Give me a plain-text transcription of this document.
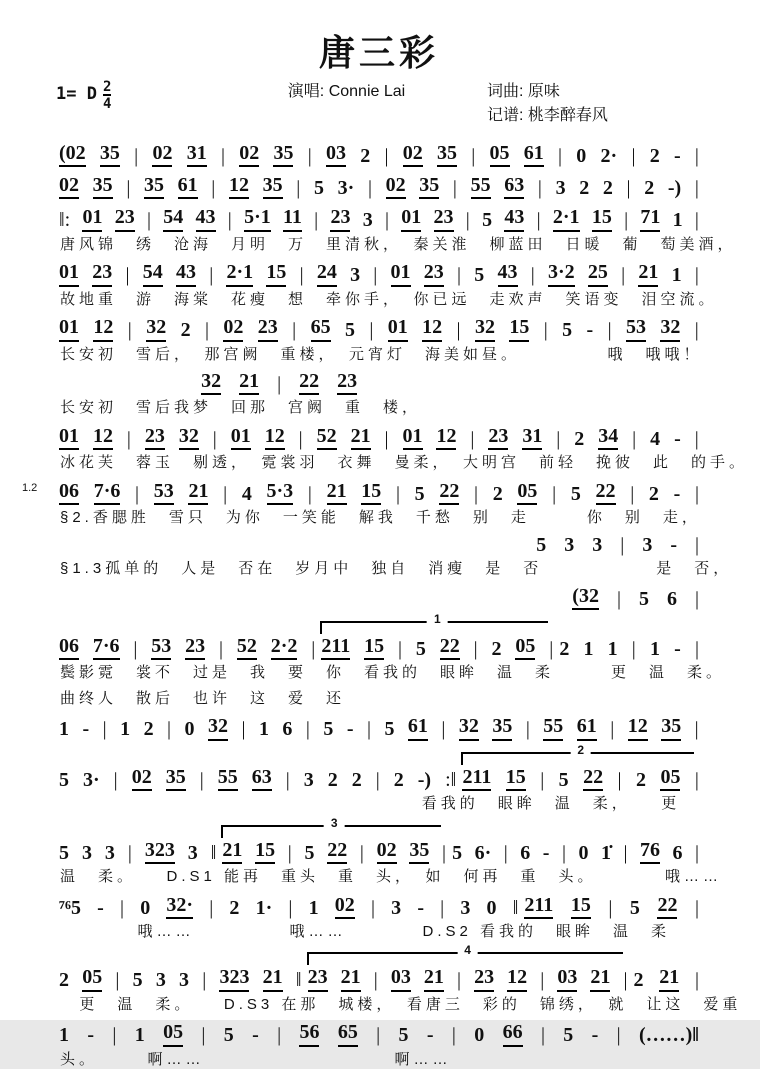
唐三彩
1= D $\frac{2}{4}$	演唱: Connie Lai	词曲: 原味
记谱: 桃李醉春风
(02 35 | 02 31 | 02 35 | 03 2 | 02 35 | 05 61 | 0 2· | 2 - |
02 35 | 35 61 | 12 35 | 5 3· | 02 35 | 55 63 | 3 2 2 | 2 -) |
‖: 01 23 | 54 43 | 5·1 11 | 23 3 | 01 23 | 5 43 | 2·1 15 | 71 1 |
唐风锦　绣　沧海　月明　万　里清秋，　秦关淮　柳蓝田　日暖　葡　萄美酒，
01 23 | 54 43 | 2·1 15 | 24 3 | 01 23 | 5 43 | 3·2 25 | 21 1 |
故地重　游　海棠　花瘦　想　牵你手，　你已远　走欢声　笑语变　泪空流。
01 12 | 32 2 | 02 23 | 65 5 | 01 12 | 32 15 | 5 - | 53 32 |
长安初　雪后，　那宫阙　重楼，　元宵灯　海美如昼。　　　　　哦　哦哦！
32 21 | 22 23
长安初　雪后我梦　回那　宫阙　重　楼，
01 12 | 23 32 | 01 12 | 52 21 | 01 12 | 23 31 | 2 34 | 4 - |
冰花芙　蓉玉　剔透，　霓裳羽　衣舞　曼柔，　大明宫　前轻　挽彼　此　的手。
1.2 06 7·6 | 53 21 | 4 5·3 | 21 15 | 5 22 | 2 05 | 5 22 | 2 - |
§2.香腮胜　雪只　为你　一笑能　解我　千愁　别　走　　　你　别　走，
5 3 3 | 3 - |
§1.3孤单的　人是　否在　岁月中　独自　消瘦　是　否　　　　　　是　否，
(32 | 5 6 |
06 7·6 | 53 23 | 52 2·2 |
1
211 15 | 5 22 | 2 05 | 2 1 1 | 1 - |
鬓影霓　裳不　过是　我　要　你　看我的　眼眸　温　柔　　　更　温　柔。
曲终人　散后　也许　这　爱　还
1 - | 1 2 | 0 32 | 1 6 | 5 - | 5 61 | 32 35 | 55 61 | 12 35 |
5 3· | 02 35 | 55 63 | 3 2 2 | 2 -) :‖
2
211 15 | 5 22 | 2 05 |
看我的　眼眸　温　柔，　　更
5 3 3 | 323 3 ‖
3
21 15 | 5 22 | 02 35 | 5 6· | 6 - | 0 1̇ | 76 6 |
温　柔。　　D.S1 能再　重头　重　头，　如　何再　重　头。　　　　哦……
⁷⁶5 - | 0 32· | 2 1· | 1 02 | 3 - | 3 0 ‖ 211 15 | 5 22 |
哦……　　　　　哦……　　　　D.S2 看我的　眼眸　温　柔
2 05 | 5 3 3 | 323 21 ‖
4
23 21 | 03 21 | 23 12 | 03 21 | 2 21 |
更　温　柔。　　D.S3 在那　城楼，　看唐三　彩的　锦绣，　就　让这　爱重
1 - | 1 05 | 5 - | 56 65 | 5 - | 0 66 | 5 - | (……)‖
头。　　　啊……　　　　　　　　　　啊……
